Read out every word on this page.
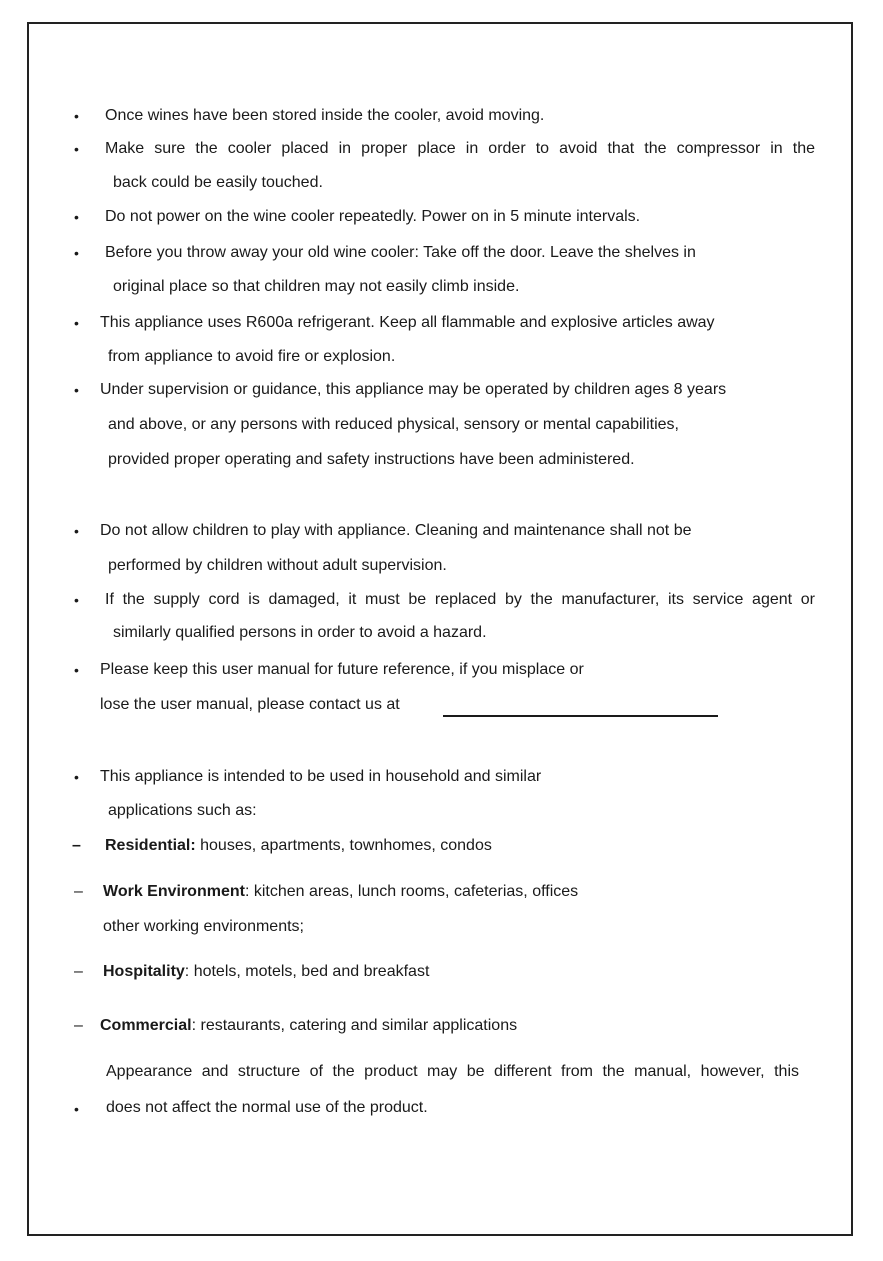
• Once wines have been stored inside the cooler, avoid moving.
• Make sure the cooler placed in proper place in order to avoid that the compressor in the
back could be easily touched.
• Do not power on the wine cooler repeatedly. Power on in 5 minute intervals.
• Before you throw away your old wine cooler: Take off the door. Leave the shelves in
original place so that children may not easily climb inside.
• This appliance uses R600a refrigerant. Keep all flammable and explosive articles away
from appliance to avoid fire or explosion.
• Under supervision or guidance, this appliance may be operated by children ages 8 years
and above, or any persons with reduced physical, sensory or mental capabilities,
provided proper operating and safety instructions have been administered.
• Do not allow children to play with appliance. Cleaning and maintenance shall not be
performed by children without adult supervision.
• If the supply cord is damaged, it must be replaced by the manufacturer, its service agent or
similarly qualified persons in order to avoid a hazard.
• Please keep this user manual for future reference, if you misplace or
lose the user manual, please contact us at
• This appliance is intended to be used in household and similar
applications such as:
– Residential: houses, apartments, townhomes, condos
– Work Environment: kitchen areas, lunch rooms, cafeterias, offices
other working environments;
– Hospitality: hotels, motels, bed and breakfast
– Commercial: restaurants, catering and similar applications
Appearance and structure of the product may be different from the manual, however, this
• does not affect the normal use of the product.
